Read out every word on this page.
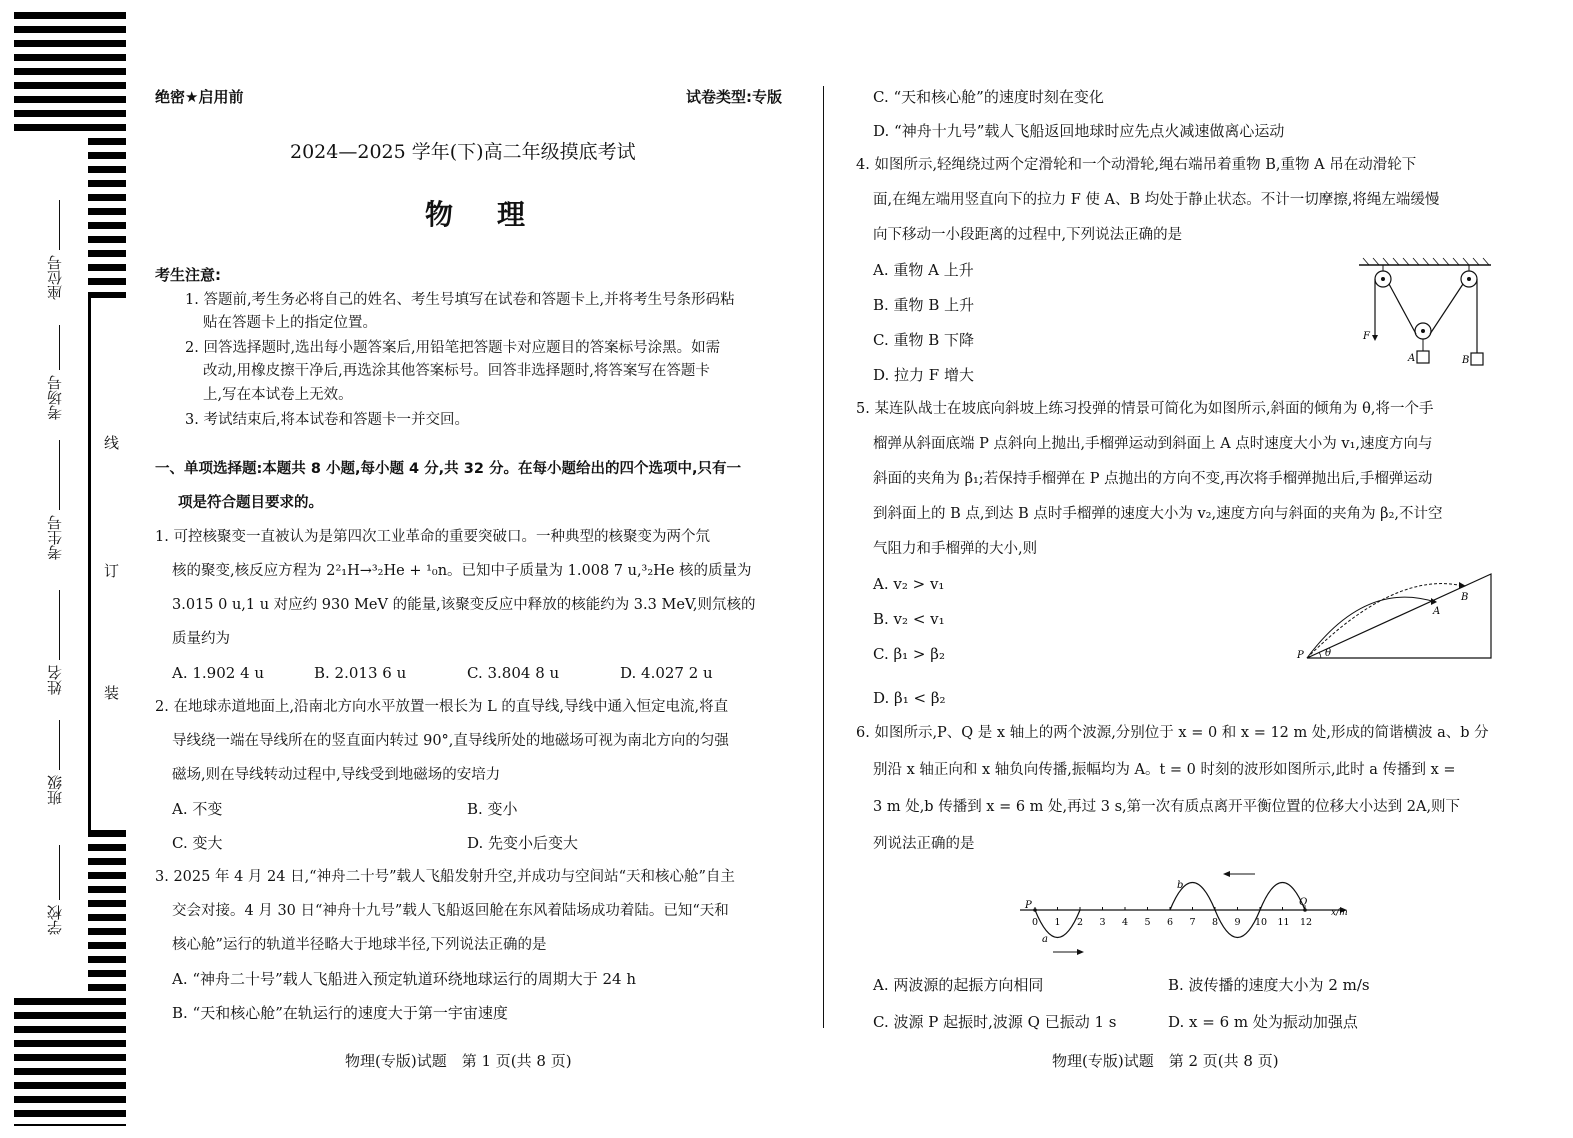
座位号
考场号
考生号
姓名
班级
学校
线
订
装
绝密★启用前	试卷类型:专版
2024—2025 学年(下)高二年级摸底考试
物　理
考生注意:
1. 答题前,考生务必将自己的姓名、考生号填写在试卷和答题卡上,并将考生号条形码粘
贴在答题卡上的指定位置。
2. 回答选择题时,选出每小题答案后,用铅笔把答题卡对应题目的答案标号涂黑。如需
改动,用橡皮擦干净后,再选涂其他答案标号。回答非选择题时,将答案写在答题卡
上,写在本试卷上无效。
3. 考试结束后,将本试卷和答题卡一并交回。
一、单项选择题:本题共 8 小题,每小题 4 分,共 32 分。在每小题给出的四个选项中,只有一
项是符合题目要求的。
1. 可控核聚变一直被认为是第四次工业革命的重要突破口。一种典型的核聚变为两个氘
核的聚变,核反应方程为 2²₁H→³₂He + ¹₀n。已知中子质量为 1.008 7 u,³₂He 核的质量为
3.015 0 u,1 u 对应约 930 MeV 的能量,该聚变反应中释放的核能约为 3.3 MeV,则氘核的
质量约为
A. 1.902 4 u	B. 2.013 6 u	C. 3.804 8 u	D. 4.027 2 u
2. 在地球赤道地面上,沿南北方向水平放置一根长为 L 的直导线,导线中通入恒定电流,将直
导线绕一端在导线所在的竖直面内转过 90°,直导线所处的地磁场可视为南北方向的匀强
磁场,则在导线转动过程中,导线受到地磁场的安培力
A. 不变	B. 变小
C. 变大	D. 先变小后变大
3. 2025 年 4 月 24 日,“神舟二十号”载人飞船发射升空,并成功与空间站“天和核心舱”自主
交会对接。4 月 30 日“神舟十九号”载人飞船返回舱在东风着陆场成功着陆。已知“天和
核心舱”运行的轨道半径略大于地球半径,下列说法正确的是
A. “神舟二十号”载人飞船进入预定轨道环绕地球运行的周期大于 24 h
B. “天和核心舱”在轨运行的速度大于第一宇宙速度
物理(专版)试题　第 1 页(共 8 页)
C. “天和核心舱”的速度时刻在变化
D. “神舟十九号”载人飞船返回地球时应先点火减速做离心运动
4. 如图所示,轻绳绕过两个定滑轮和一个动滑轮,绳右端吊着重物 B,重物 A 吊在动滑轮下
面,在绳左端用竖直向下的拉力 F 使 A、B 均处于静止状态。不计一切摩擦,将绳左端缓慢
向下移动一小段距离的过程中,下列说法正确的是
A. 重物 A 上升
B. 重物 B 上升
C. 重物 B 下降
D. 拉力 F 增大
F
A	B
5. 某连队战士在坡底向斜坡上练习投弹的情景可简化为如图所示,斜面的倾角为 θ,将一个手
榴弹从斜面底端 P 点斜向上抛出,手榴弹运动到斜面上 A 点时速度大小为 v₁,速度方向与
斜面的夹角为 β₁;若保持手榴弹在 P 点抛出的方向不变,再次将手榴弹抛出后,手榴弹运动
到斜面上的 B 点,到达 B 点时手榴弹的速度大小为 v₂,速度方向与斜面的夹角为 β₂,不计空
气阻力和手榴弹的大小,则
A. v₂ > v₁
B. v₂ < v₁
C. β₁ > β₂
D. β₁ < β₂
P θ
A
B
6. 如图所示,P、Q 是 x 轴上的两个波源,分别位于 x = 0 和 x = 12 m 处,形成的简谐横波 a、b 分
别沿 x 轴正向和 x 轴负向传播,振幅均为 A。t = 0 时刻的波形如图所示,此时 a 传播到 x =
3 m 处,b 传播到 x = 6 m 处,再过 3 s,第一次有质点离开平衡位置的位移大小达到 2A,则下
列说法正确的是
0 1 2 3 4 5 6 7 8 9 10 11 12
P	Q
a
b
x/m
A. 两波源的起振方向相同	B. 波传播的速度大小为 2 m/s
C. 波源 P 起振时,波源 Q 已振动 1 s	D. x = 6 m 处为振动加强点
物理(专版)试题　第 2 页(共 8 页)
